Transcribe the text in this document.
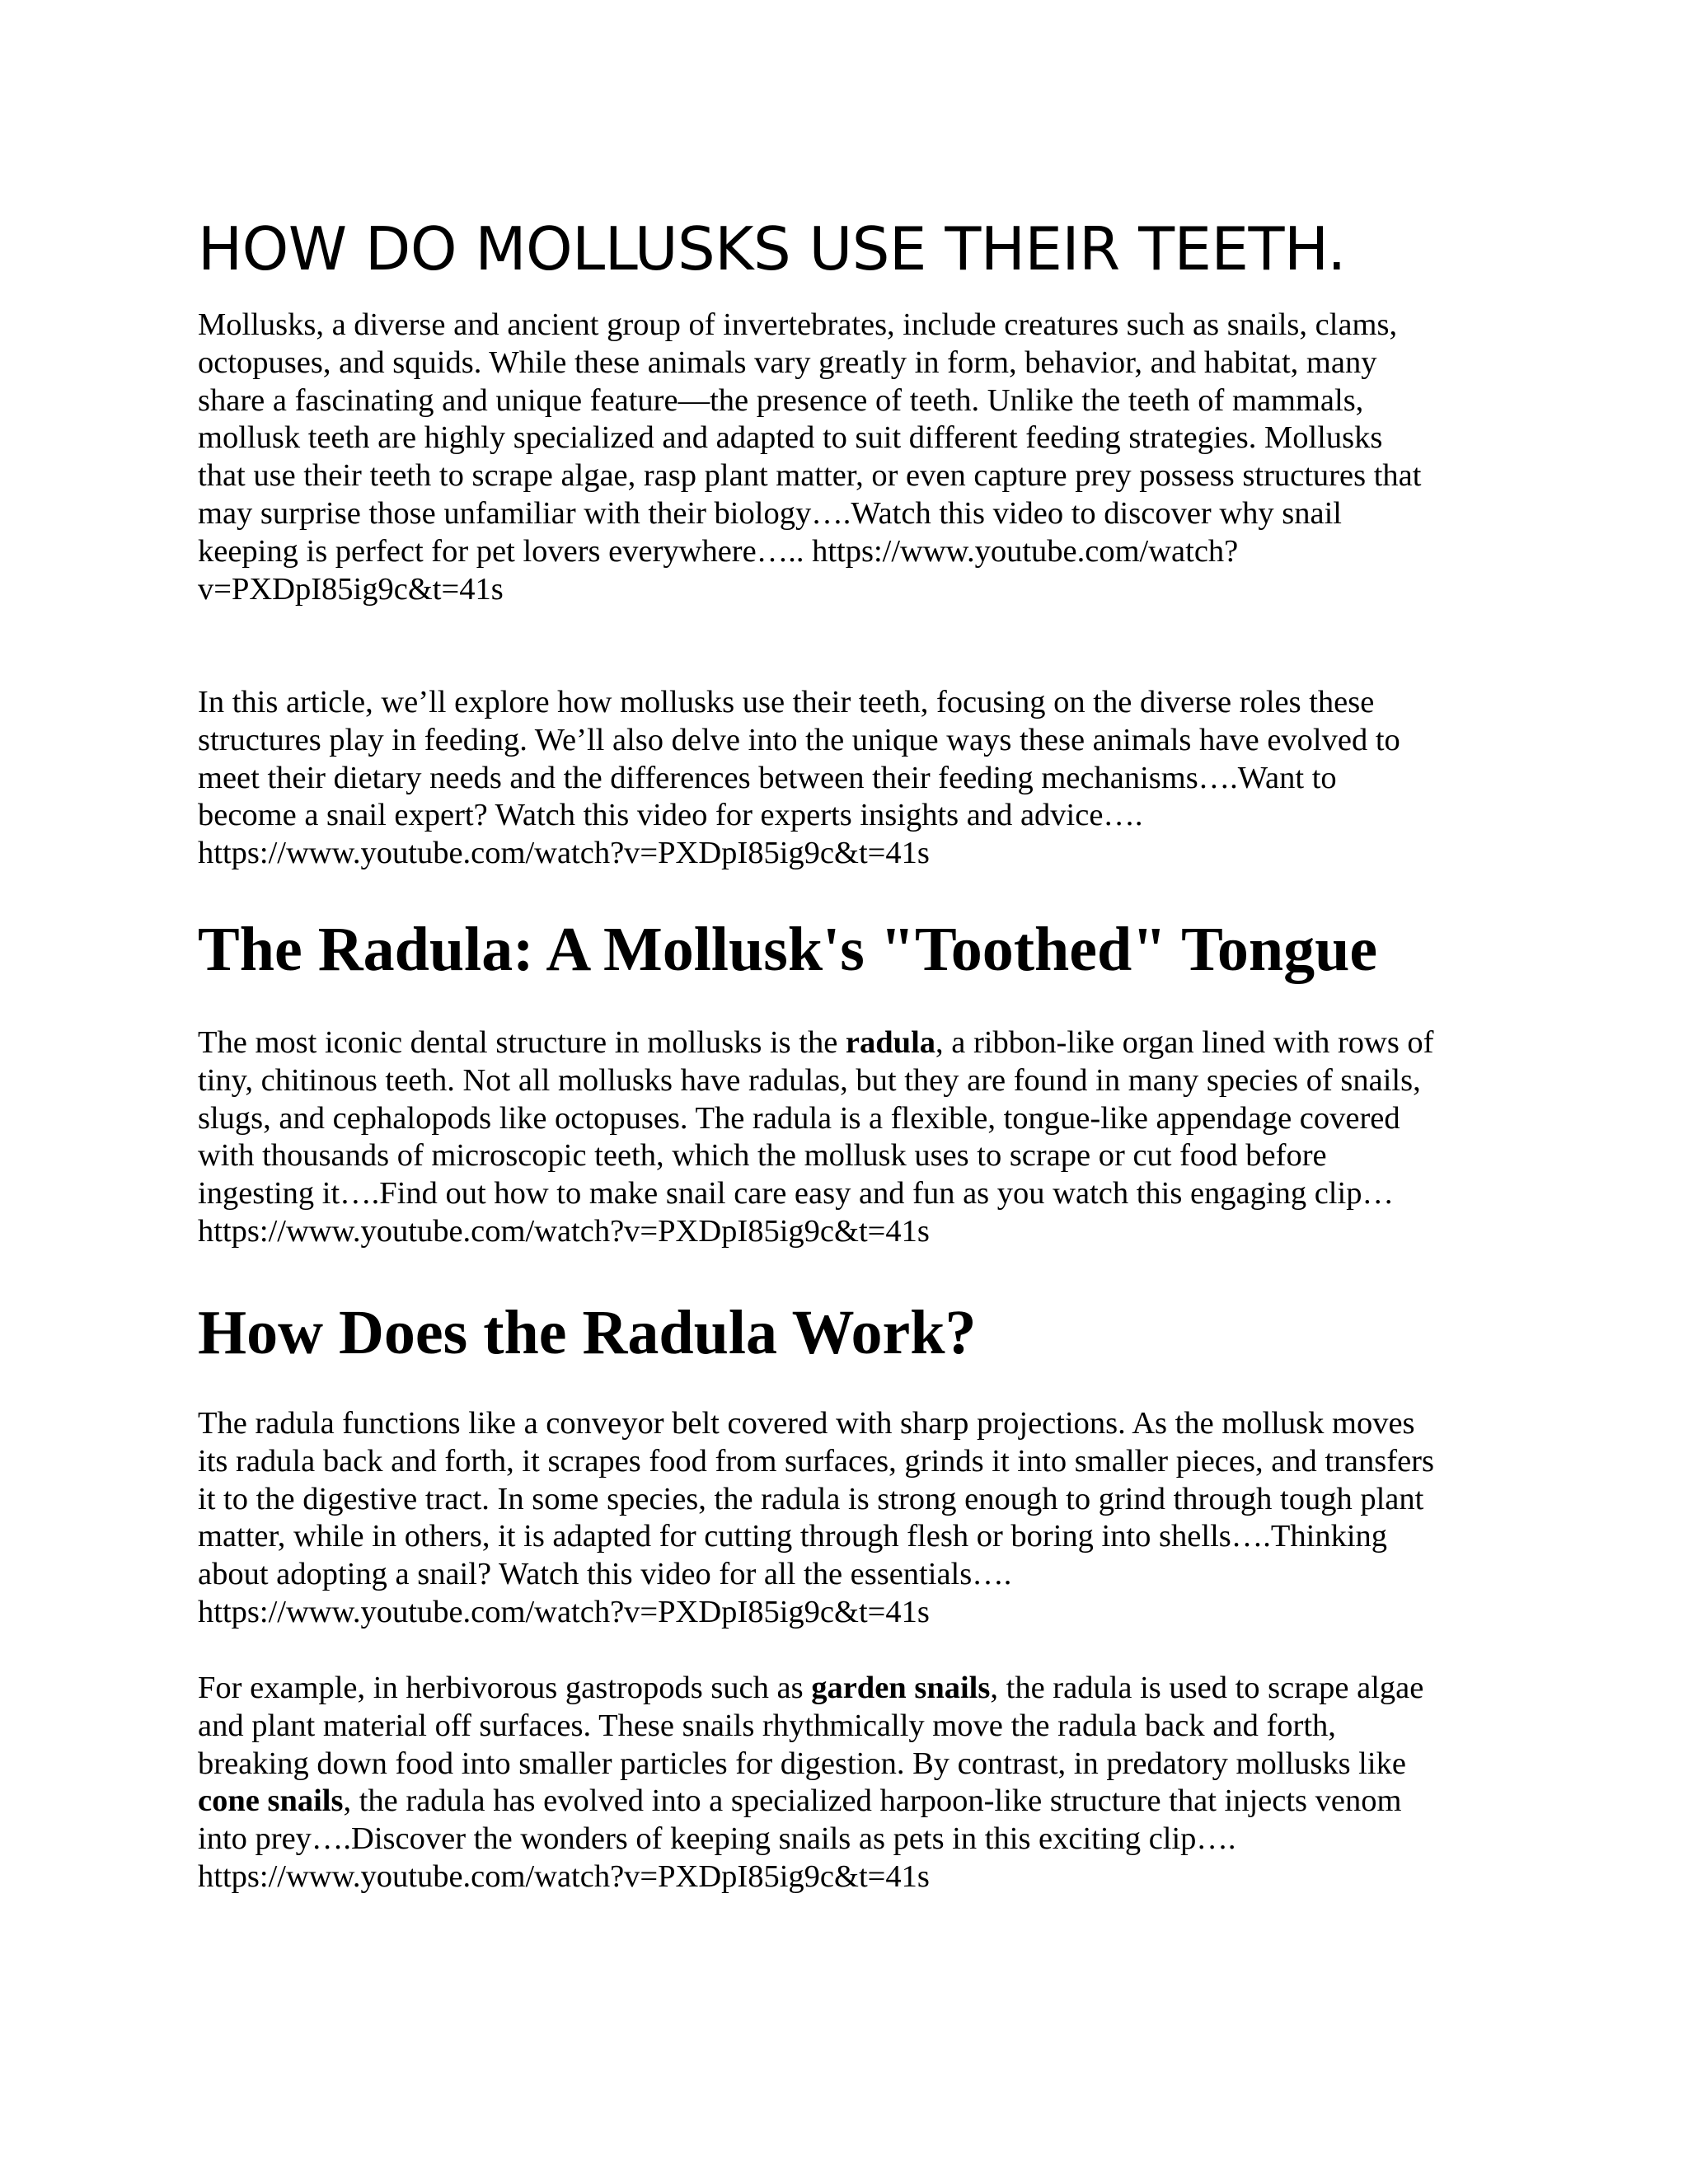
HOW DO MOLLUSKS USE THEIR TEETH.

Mollusks, a diverse and ancient group of invertebrates, include creatures such as snails, clams,
octopuses, and squids. While these animals vary greatly in form, behavior, and habitat, many
share a fascinating and unique feature—the presence of teeth. Unlike the teeth of mammals,
mollusk teeth are highly specialized and adapted to suit different feeding strategies. Mollusks
that use their teeth to scrape algae, rasp plant matter, or even capture prey possess structures that
may surprise those unfamiliar with their biology….Watch this video to discover why snail
keeping is perfect for pet lovers everywhere….. https://www.youtube.com/watch?
v=PXDpI85ig9c&t=41s

In this article, we’ll explore how mollusks use their teeth, focusing on the diverse roles these
structures play in feeding. We’ll also delve into the unique ways these animals have evolved to
meet their dietary needs and the differences between their feeding mechanisms….Want to
become a snail expert? Watch this video for experts insights and advice….
https://www.youtube.com/watch?v=PXDpI85ig9c&t=41s

The Radula: A Mollusk's "Toothed" Tongue

The most iconic dental structure in mollusks is the radula, a ribbon-like organ lined with rows of
tiny, chitinous teeth. Not all mollusks have radulas, but they are found in many species of snails,
slugs, and cephalopods like octopuses. The radula is a flexible, tongue-like appendage covered
with thousands of microscopic teeth, which the mollusk uses to scrape or cut food before
ingesting it….Find out how to make snail care easy and fun as you watch this engaging clip…
https://www.youtube.com/watch?v=PXDpI85ig9c&t=41s

How Does the Radula Work?

The radula functions like a conveyor belt covered with sharp projections. As the mollusk moves
its radula back and forth, it scrapes food from surfaces, grinds it into smaller pieces, and transfers
it to the digestive tract. In some species, the radula is strong enough to grind through tough plant
matter, while in others, it is adapted for cutting through flesh or boring into shells….Thinking
about adopting a snail? Watch this video for all the essentials….
https://www.youtube.com/watch?v=PXDpI85ig9c&t=41s

For example, in herbivorous gastropods such as garden snails, the radula is used to scrape algae
and plant material off surfaces. These snails rhythmically move the radula back and forth,
breaking down food into smaller particles for digestion. By contrast, in predatory mollusks like
cone snails, the radula has evolved into a specialized harpoon-like structure that injects venom
into prey….Discover the wonders of keeping snails as pets in this exciting clip….
https://www.youtube.com/watch?v=PXDpI85ig9c&t=41s
